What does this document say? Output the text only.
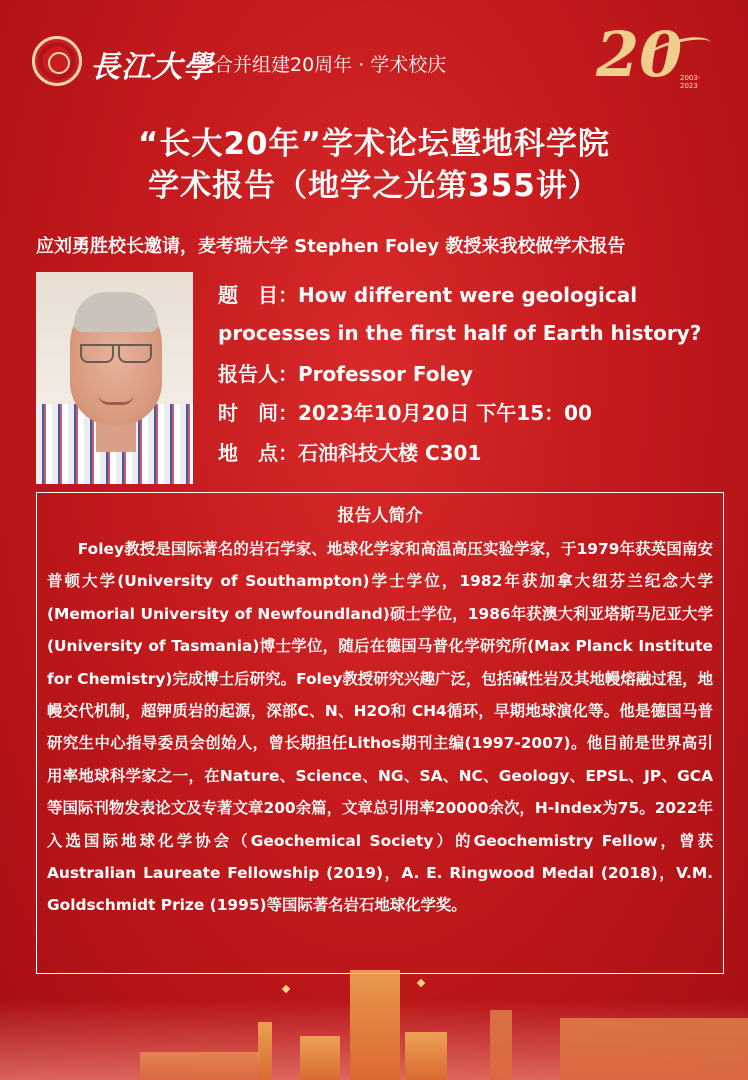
長江大學 合并组建20周年 · 学术校庆 20
2003-2023
“长大20年”学术论坛暨地科学院
学术报告（地学之光第355讲）
应刘勇胜校长邀请，麦考瑞大学 Stephen Foley 教授来我校做学术报告
题　目：How different were geological
processes in the first half of Earth history?
报告人：Professor Foley
时　间：2023年10月20日 下午15：00
地　点：石油科技大楼 C301
报告人简介

Foley教授是国际著名的岩石学家、地球化学家和高温高压实验学家，于1979年获英国南安普顿大学(University of Southampton)学士学位，1982年获加拿大纽芬兰纪念大学(Memorial University of Newfoundland)硕士学位，1986年获澳大利亚塔斯马尼亚大学(University of Tasmania)博士学位，随后在德国马普化学研究所(Max Planck Institute for Chemistry)完成博士后研究。Foley教授研究兴趣广泛，包括碱性岩及其地幔熔融过程，地幔交代机制，超钾质岩的起源，深部C、N、H2O和 CH4循环，早期地球演化等。他是德国马普研究生中心指导委员会创始人，曾长期担任Lithos期刊主编(1997-2007)。他目前是世界高引用率地球科学家之一，在Nature、Science、NG、SA、NC、Geology、EPSL、JP、GCA等国际刊物发表论文及专著文章200余篇，文章总引用率20000余次，H-Index为75。2022年入选国际地球化学协会（Geochemical Society）的Geochemistry Fellow，曾获Australian Laureate Fellowship (2019)，A. E. Ringwood Medal (2018)，V.M. Goldschmidt Prize (1995)等国际著名岩石地球化学奖。
